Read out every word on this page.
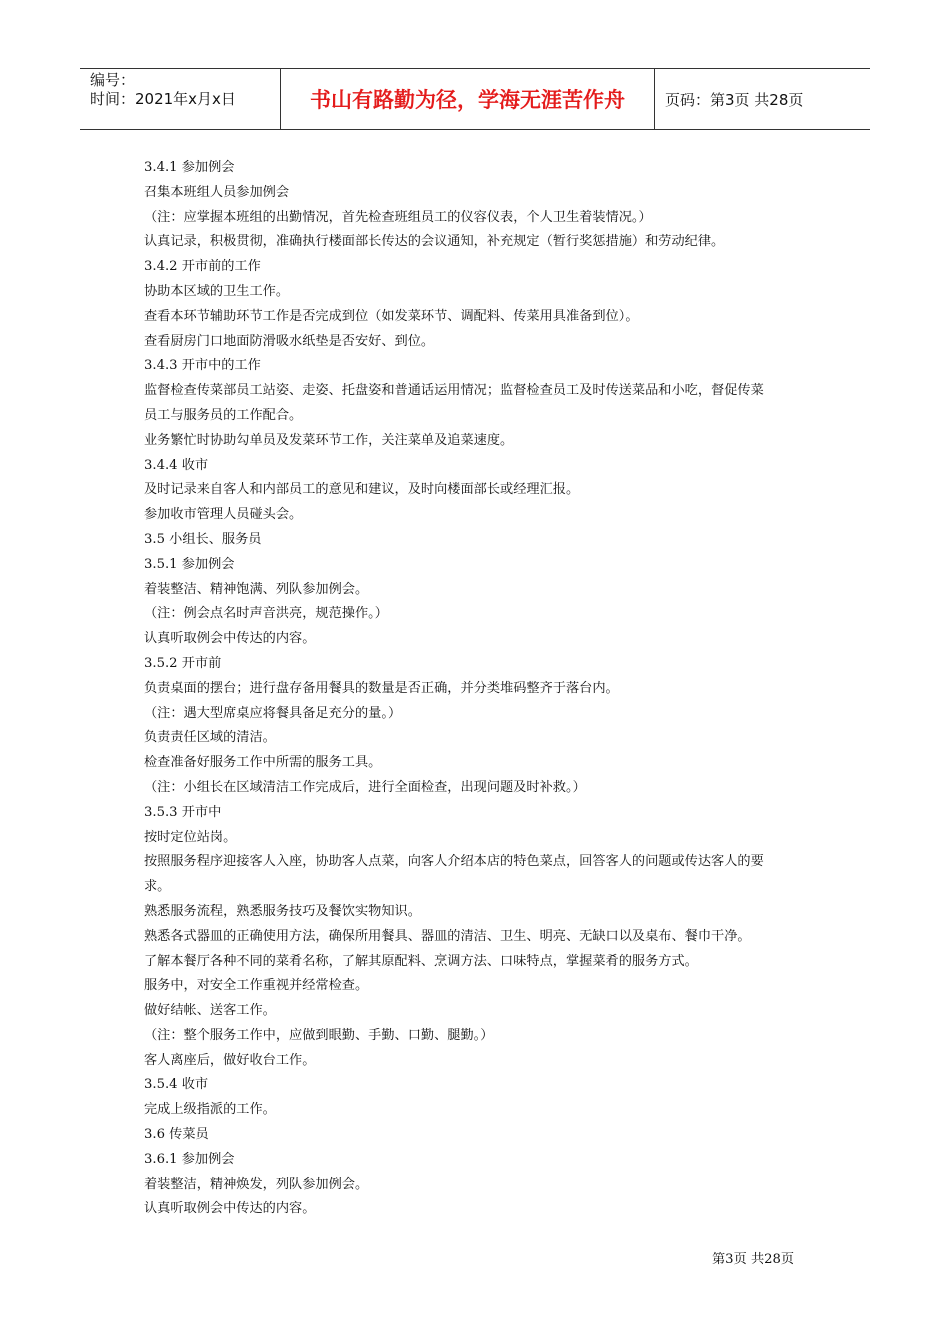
编号：
时间：2021年x月x日	书山有路勤为径，学海无涯苦作舟	页码：第3页 共28页

3.4.1 参加例会

召集本班组人员参加例会

（注：应掌握本班组的出勤情况，首先检查班组员工的仪容仪表，个人卫生着装情况。）

认真记录，积极贯彻，准确执行楼面部长传达的会议通知，补充规定（暂行奖惩措施）和劳动纪律。

3.4.2 开市前的工作

协助本区域的卫生工作。

查看本环节辅助环节工作是否完成到位（如发菜环节、调配料、传菜用具准备到位）。

查看厨房门口地面防滑吸水纸垫是否安好、到位。

3.4.3 开市中的工作

监督检查传菜部员工站姿、走姿、托盘姿和普通话运用情况；监督检查员工及时传送菜品和小吃，督促传菜

员工与服务员的工作配合。

业务繁忙时协助勾单员及发菜环节工作，关注菜单及追菜速度。

3.4.4 收市

及时记录来自客人和内部员工的意见和建议，及时向楼面部长或经理汇报。

参加收市管理人员碰头会。

3.5 小组长、服务员

3.5.1 参加例会

着装整洁、精神饱满、列队参加例会。

（注：例会点名时声音洪亮，规范操作。）

认真听取例会中传达的内容。

3.5.2 开市前

负责桌面的摆台；进行盘存备用餐具的数量是否正确，并分类堆码整齐于落台内。

（注：遇大型席桌应将餐具备足充分的量。）

负责责任区域的清洁。

检查准备好服务工作中所需的服务工具。

（注：小组长在区域清洁工作完成后，进行全面检查，出现问题及时补救。）

3.5.3 开市中

按时定位站岗。

按照服务程序迎接客人入座，协助客人点菜，向客人介绍本店的特色菜点，回答客人的问题或传达客人的要

求。

熟悉服务流程，熟悉服务技巧及餐饮实物知识。

熟悉各式器皿的正确使用方法，确保所用餐具、器皿的清洁、卫生、明亮、无缺口以及桌布、餐巾干净。

了解本餐厅各种不同的菜肴名称，了解其原配料、烹调方法、口味特点，掌握菜肴的服务方式。

服务中，对安全工作重视并经常检查。

做好结帐、送客工作。

（注：整个服务工作中，应做到眼勤、手勤、口勤、腿勤。）

客人离座后，做好收台工作。

3.5.4 收市

完成上级指派的工作。

3.6 传菜员

3.6.1 参加例会

着装整洁，精神焕发，列队参加例会。

认真听取例会中传达的内容。

第3页 共28页
